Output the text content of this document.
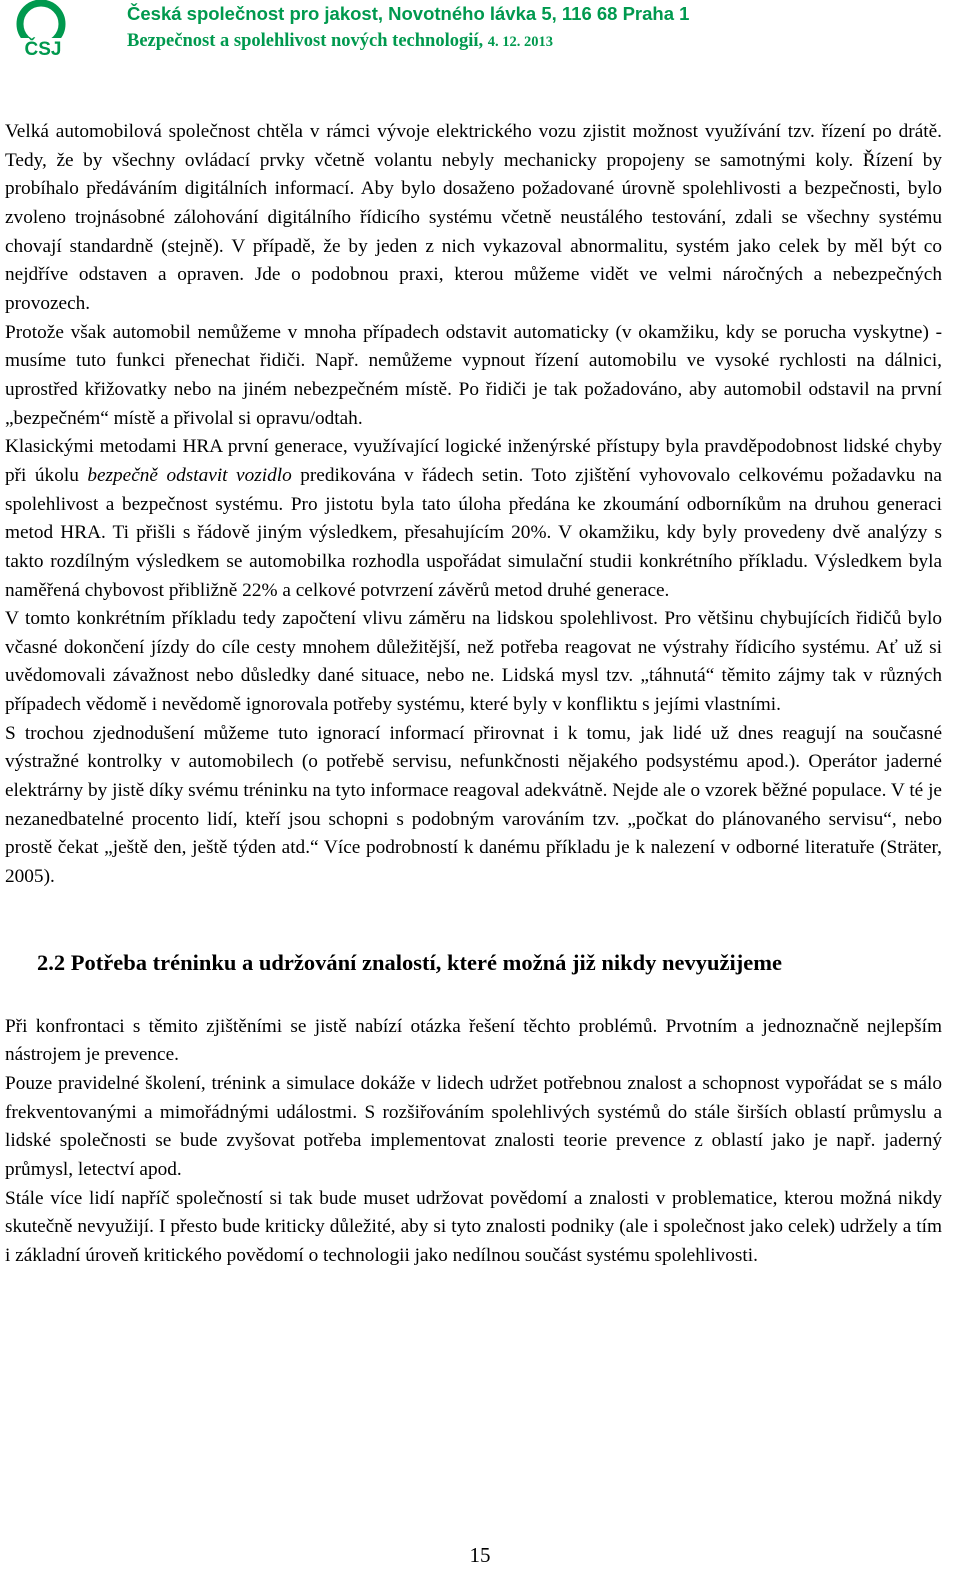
ČSJ
Česká společnost pro jakost, Novotného lávka 5, 116 68 Praha 1
Bezpečnost a spolehlivost nových technologií, 4. 12. 2013

Velká automobilová společnost chtěla v rámci vývoje elektrického vozu zjistit možnost využívání tzv. řízení po drátě. Tedy, že by všechny ovládací prvky včetně volantu nebyly mechanicky propojeny se samotnými koly. Řízení by probíhalo předáváním digitálních informací. Aby bylo dosaženo požadované úrovně spolehlivosti a bezpečnosti, bylo zvoleno trojnásobné zálohování digitálního řídicího systému včetně neustálého testování, zdali se všechny systému chovají standardně (stejně). V případě, že by jeden z nich vykazoval abnormalitu, systém jako celek by měl být co nejdříve odstaven a opraven. Jde o podobnou praxi, kterou můžeme vidět ve velmi náročných a nebezpečných provozech.

Protože však automobil nemůžeme v mnoha případech odstavit automaticky (v okamžiku, kdy se porucha vyskytne) - musíme tuto funkci přenechat řidiči. Např. nemůžeme vypnout řízení automobilu ve vysoké rychlosti na dálnici, uprostřed křižovatky nebo na jiném nebezpečném místě. Po řidiči je tak požadováno, aby automobil odstavil na první „bezpečném“ místě a přivolal si opravu/odtah.

Klasickými metodami HRA první generace, využívající logické inženýrské přístupy byla pravděpodobnost lidské chyby při úkolu bezpečně odstavit vozidlo predikována v řádech setin. Toto zjištění vyhovovalo celkovému požadavku na spolehlivost a bezpečnost systému. Pro jistotu byla tato úloha předána ke zkoumání odborníkům na druhou generaci metod HRA. Ti přišli s řádově jiným výsledkem, přesahujícím 20%. V okamžiku, kdy byly provedeny dvě analýzy s takto rozdílným výsledkem se automobilka rozhodla uspořádat simulační studii konkrétního příkladu. Výsledkem byla naměřená chybovost přibližně 22% a celkové potvrzení závěrů metod druhé generace.

V tomto konkrétním příkladu tedy započtení vlivu záměru na lidskou spolehlivost. Pro většinu chybujících řidičů bylo včasné dokončení jízdy do cíle cesty mnohem důležitější, než potřeba reagovat ne výstrahy řídicího systému. Ať už si uvědomovali závažnost nebo důsledky dané situace, nebo ne. Lidská mysl tzv. „táhnutá“ těmito zájmy tak v různých případech vědomě i nevědomě ignorovala potřeby systému, které byly v konfliktu s jejími vlastními.

S trochou zjednodušení můžeme tuto ignorací informací přirovnat i k tomu, jak lidé už dnes reagují na současné výstražné kontrolky v automobilech (o potřebě servisu, nefunkčnosti nějakého podsystému apod.). Operátor jaderné elektrárny by jistě díky svému tréninku na tyto informace reagoval adekvátně. Nejde ale o vzorek běžné populace. V té je nezanedbatelné procento lidí, kteří jsou schopni s podobným varováním tzv. „počkat do plánovaného servisu“, nebo prostě čekat „ještě den, ještě týden atd.“ Více podrobností k danému příkladu je k nalezení v odborné literatuře (Sträter, 2005).

2.2 Potřeba tréninku a udržování znalostí, které možná již nikdy nevyužijeme

Při konfrontaci s těmito zjištěními se jistě nabízí otázka řešení těchto problémů. Prvotním a jednoznačně nejlepším nástrojem je prevence.

Pouze pravidelné školení, trénink a simulace dokáže v lidech udržet potřebnou znalost a schopnost vypořádat se s málo frekventovanými a mimořádnými událostmi. S rozšiřováním spolehlivých systémů do stále širších oblastí průmyslu a lidské společnosti se bude zvyšovat potřeba implementovat znalosti teorie prevence z oblastí jako je např. jaderný průmysl, letectví apod.

Stále více lidí napříč společností si tak bude muset udržovat povědomí a znalosti v problematice, kterou možná nikdy skutečně nevyužijí. I přesto bude kriticky důležité, aby si tyto znalosti podniky (ale i společnost jako celek) udržely a tím i základní úroveň kritického povědomí o technologii jako nedílnou součást systému spolehlivosti.

15
